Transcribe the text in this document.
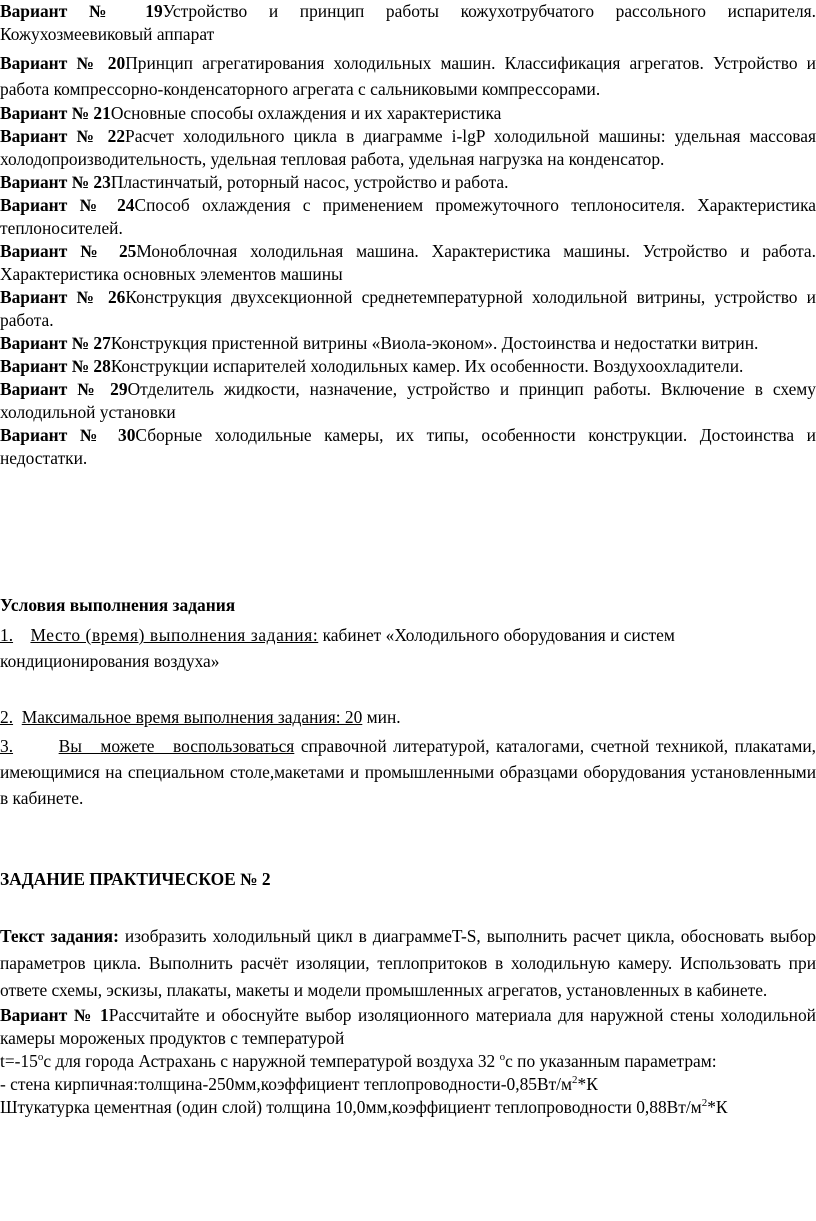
Вариант № 19Устройство и принцип работы кожухотрубчатого рассольного испарителя. Кожухозмеевиковый аппарат

Вариант № 20Принцип агрегатирования холодильных машин. Классификация агрегатов. Устройство и работа компрессорно-конденсаторного агрегата с сальниковыми компрессорами.

Вариант № 21Основные способы охлаждения и их характеристика

Вариант № 22Расчет холодильного цикла в диаграмме i-lgP холодильной машины: удельная массовая холодопроизводительность, удельная тепловая работа, удельная нагрузка на конденсатор.

Вариант № 23Пластинчатый, роторный насос, устройство и работа.

Вариант № 24Способ охлаждения с применением промежуточного теплоносителя. Характеристика теплоносителей.

Вариант № 25Моноблочная холодильная машина. Характеристика машины. Устройство и работа. Характеристика основных элементов машины

Вариант № 26Конструкция двухсекционной среднетемпературной холодильной витрины, устройство и работа.

Вариант № 27Конструкция пристенной витрины «Виола-эконом». Достоинства и недостатки витрин.

Вариант № 28Конструкции испарителей холодильных камер. Их особенности. Воздухоохладители.

Вариант № 29Отделитель жидкости, назначение, устройство и принцип работы. Включение в схему холодильной установки

Вариант № 30Сборные холодильные камеры, их типы, особенности конструкции. Достоинства и недостатки.

Условия выполнения задания
1. Место (время) выполнения задания: кабинет «Холодильного оборудования и систем кондиционирования воздуха»
2. Максимальное время выполнения задания: 20 мин.
3.	Вы можете воспользоваться справочной литературой, каталогами, счетной техникой, плакатами, имеющимися на специальном столе,макетами и промышленными образцами оборудования установленными в кабинете.
ЗАДАНИЕ ПРАКТИЧЕСКОЕ № 2

Текст задания: изобразить холодильный цикл в диаграммеT-S, выполнить расчет цикла, обосновать выбор параметров цикла. Выполнить расчёт изоляции, теплопритоков в холодильную камеру. Использовать при ответе схемы, эскизы, плакаты, макеты и модели промышленных агрегатов, установленных в кабинете.

Вариант № 1Рассчитайте и обоснуйте выбор изоляционного материала для наружной стены холодильной камеры мороженых продуктов с температурой

$t=-15^ос$ для города Астрахань с наружной температурой воздуха 32 $^о$с по указанным параметрам:

- стена кирпичная:толщина-250мм,коэффициент теплопроводности-$0,85Вт/м^2*К$

Штукатурка цементная (один слой) толщина 10,0мм,коэффициент теплопроводности $0,88Вт/м^2*К$
